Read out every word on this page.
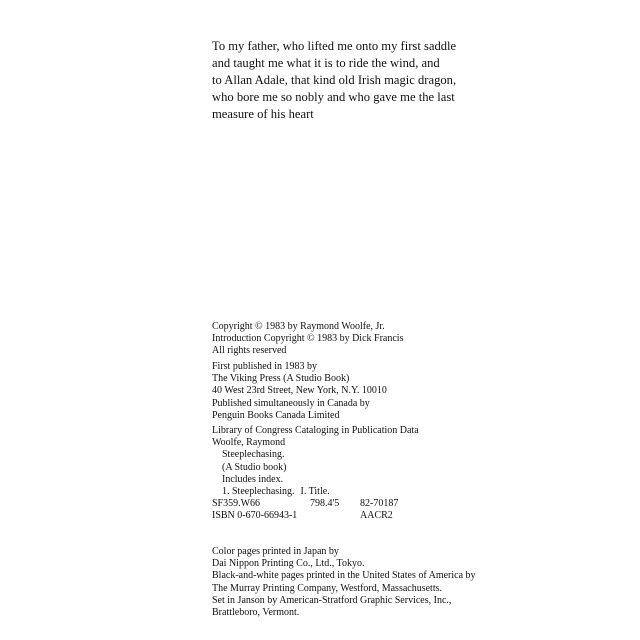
To my father, who lifted me onto my first saddle
and taught me what it is to ride the wind, and
to Allan Adale, that kind old Irish magic dragon,
who bore me so nobly and who gave me the last
measure of his heart
Copyright © 1983 by Raymond Woolfe, Jr.
Introduction Copyright © 1983 by Dick Francis
All rights reserved
First published in 1983 by
The Viking Press (A Studio Book)
40 West 23rd Street, New York, N.Y. 10010
Published simultaneously in Canada by
Penguin Books Canada Limited
Library of Congress Cataloging in Publication Data
Woolfe, Raymond
Steeplechasing.
(A Studio book)
Includes index.
1. Steeplechasing. I. Title.
SF359.W66	798.4'5 82-70187
ISBN 0-670-66943-1	AACR2
Color pages printed in Japan by
Dai Nippon Printing Co., Ltd., Tokyo.
Black-and-white pages printed in the United States of America by
The Murray Printing Company, Westford, Massachusetts.
Set in Janson by American-Stratford Graphic Services, Inc.,
Brattleboro, Vermont.
